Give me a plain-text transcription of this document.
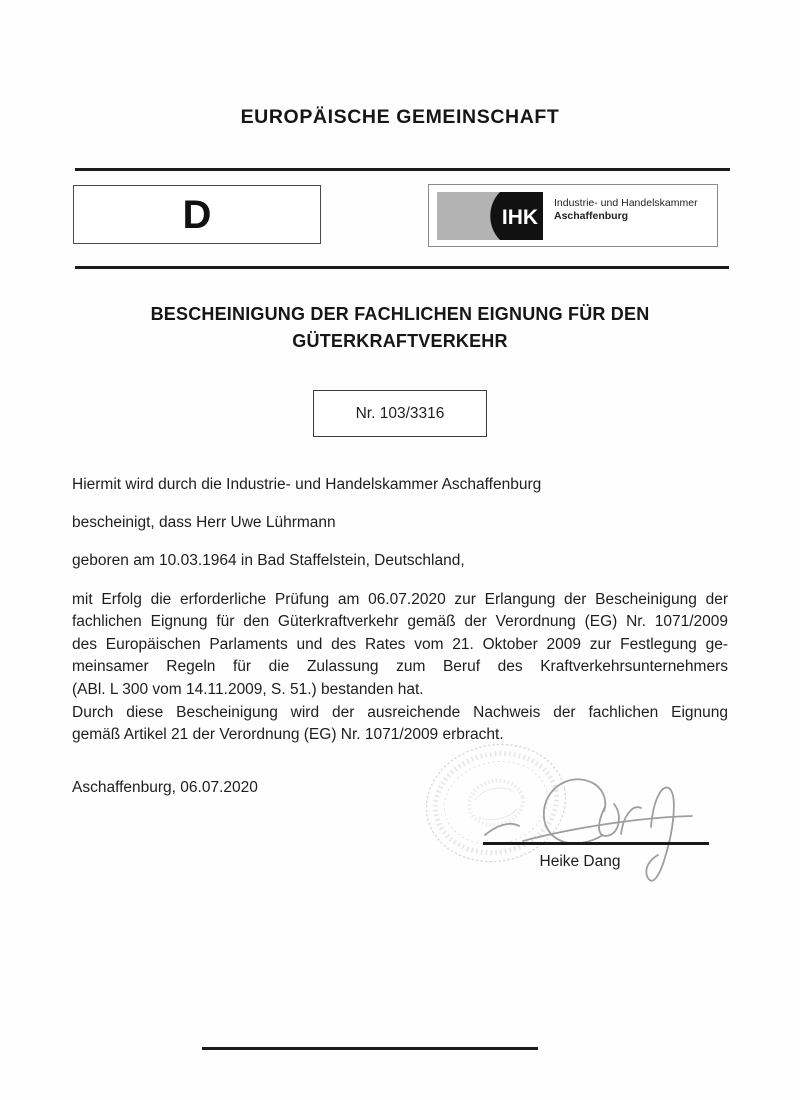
EUROPÄISCHE GEMEINSCHAFT
D	IHK
Industrie- und Handelskammer
Aschaffenburg
BESCHEINIGUNG DER FACHLICHEN EIGNUNG FÜR DEN
GÜTERKRAFTVERKEHR
Nr. 103/3316
Hiermit wird durch die Industrie- und Handelskammer Aschaffenburg
bescheinigt, dass Herr Uwe Lührmann
geboren am 10.03.1964 in Bad Staffelstein, Deutschland,
mit Erfolg die erforderliche Prüfung am 06.07.2020 zur Erlangung der Bescheinigung der
fachlichen Eignung für den Güterkraftverkehr gemäß der Verordnung (EG) Nr. 1071/2009
des Europäischen Parlaments und des Rates vom 21. Oktober 2009 zur Festlegung ge-
meinsamer Regeln für die Zulassung zum Beruf des Kraftverkehrsunternehmers
(ABl. L 300 vom 14.11.2009, S. 51.) bestanden hat.
Durch diese Bescheinigung wird der ausreichende Nachweis der fachlichen Eignung
gemäß Artikel 21 der Verordnung (EG) Nr. 1071/2009 erbracht.
Aschaffenburg, 06.07.2020
Heike Dang
